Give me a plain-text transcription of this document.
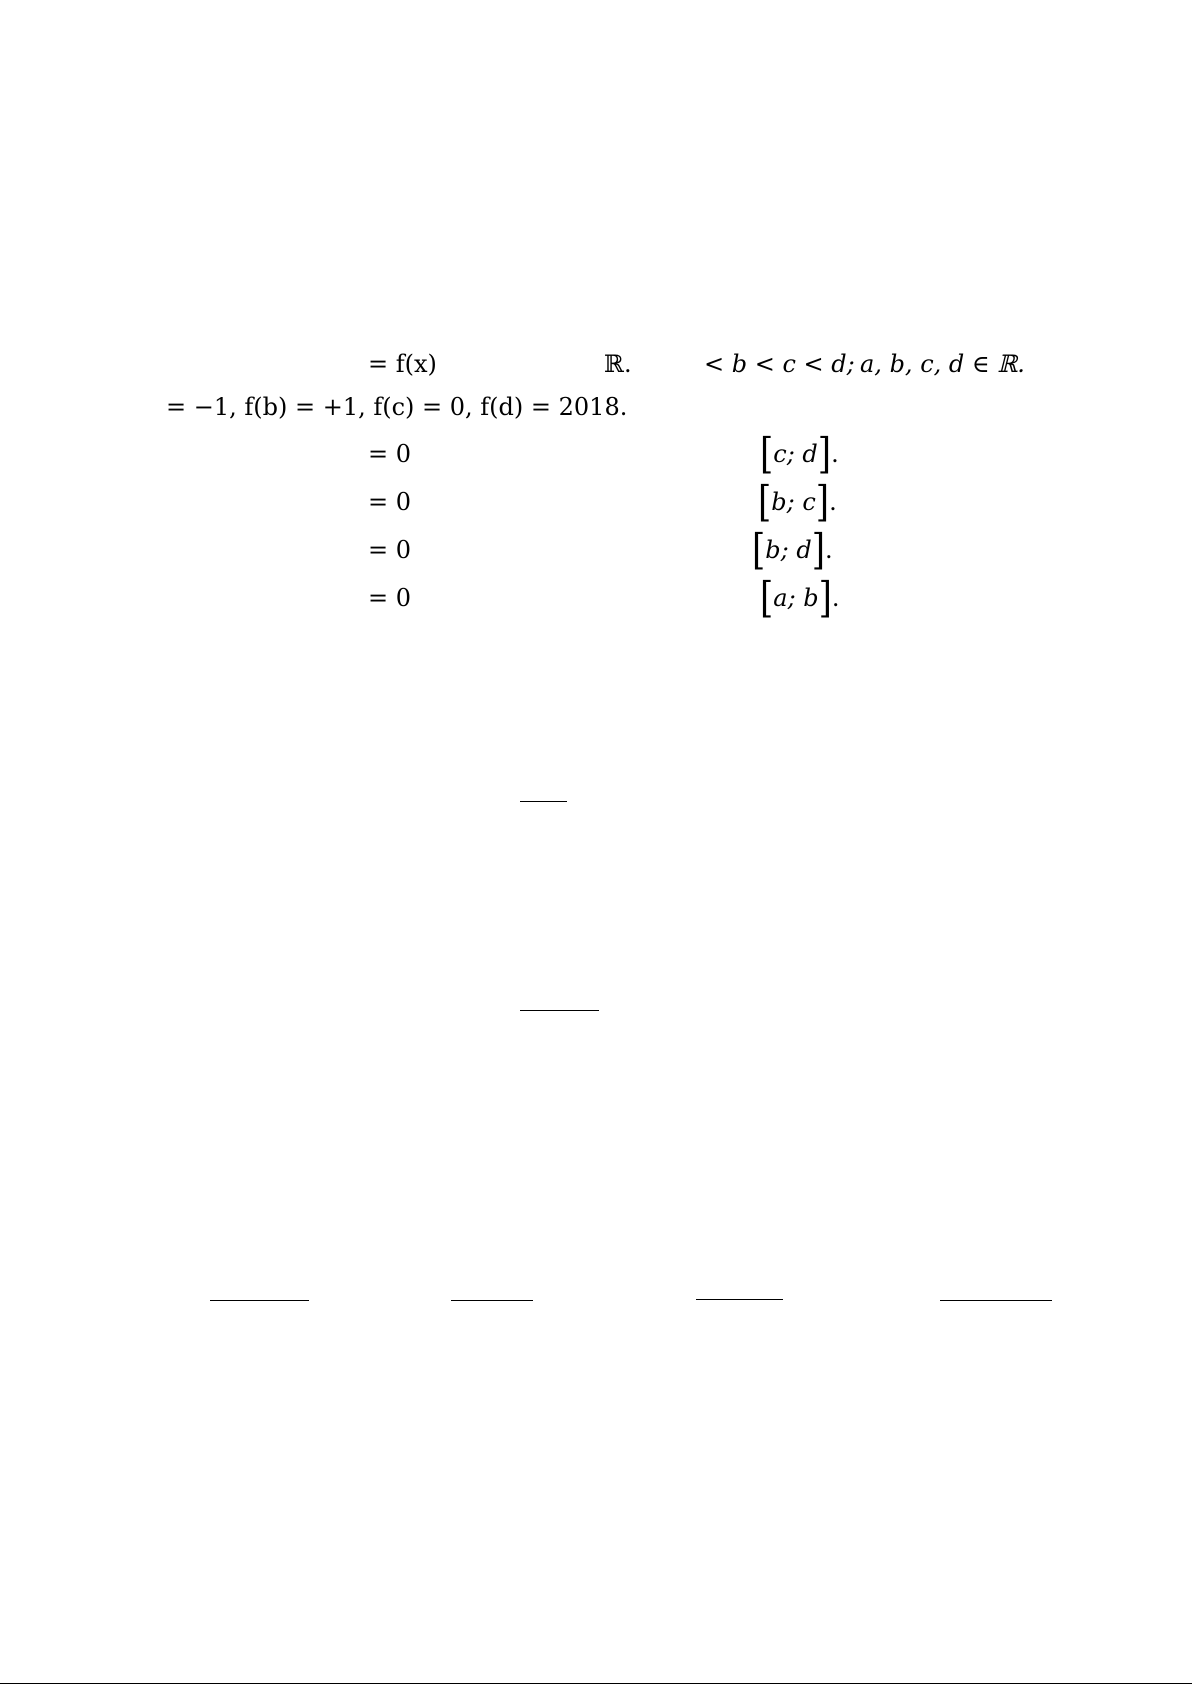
= f(x)	ℝ.	< b < c < d; a, b, c, d ∈ ℝ.
= −1, f(b) = +1, f(c) = 0, f(d) = 2018.
= 0	[c; d].
= 0	[b; c].
= 0	[b; d].
= 0	[a; b].
